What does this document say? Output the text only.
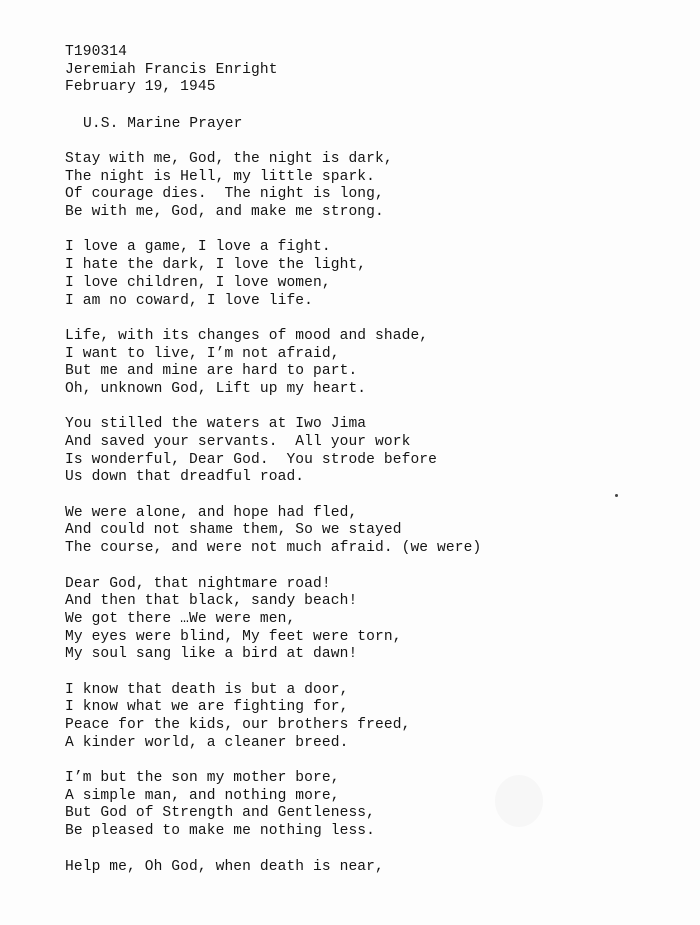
T190314
Jeremiah Francis Enright
February 19, 1945
U.S. Marine Prayer
Stay with me, God, the night is dark,
The night is Hell, my little spark.
Of courage dies.  The night is long,
Be with me, God, and make me strong.
I love a game, I love a fight.
I hate the dark, I love the light,
I love children, I love women,
I am no coward, I love life.
Life, with its changes of mood and shade,
I want to live, I’m not afraid,
But me and mine are hard to part.
Oh, unknown God, Lift up my heart.
You stilled the waters at Iwo Jima
And saved your servants.  All your work
Is wonderful, Dear God.  You strode before
Us down that dreadful road.
We were alone, and hope had fled,
And could not shame them, So we stayed
The course, and were not much afraid. (we were)
Dear God, that nightmare road!
And then that black, sandy beach!
We got there …We were men,
My eyes were blind, My feet were torn,
My soul sang like a bird at dawn!
I know that death is but a door,
I know what we are fighting for,
Peace for the kids, our brothers freed,
A kinder world, a cleaner breed.
I’m but the son my mother bore,
A simple man, and nothing more,
But God of Strength and Gentleness,
Be pleased to make me nothing less.
Help me, Oh God, when death is near,
